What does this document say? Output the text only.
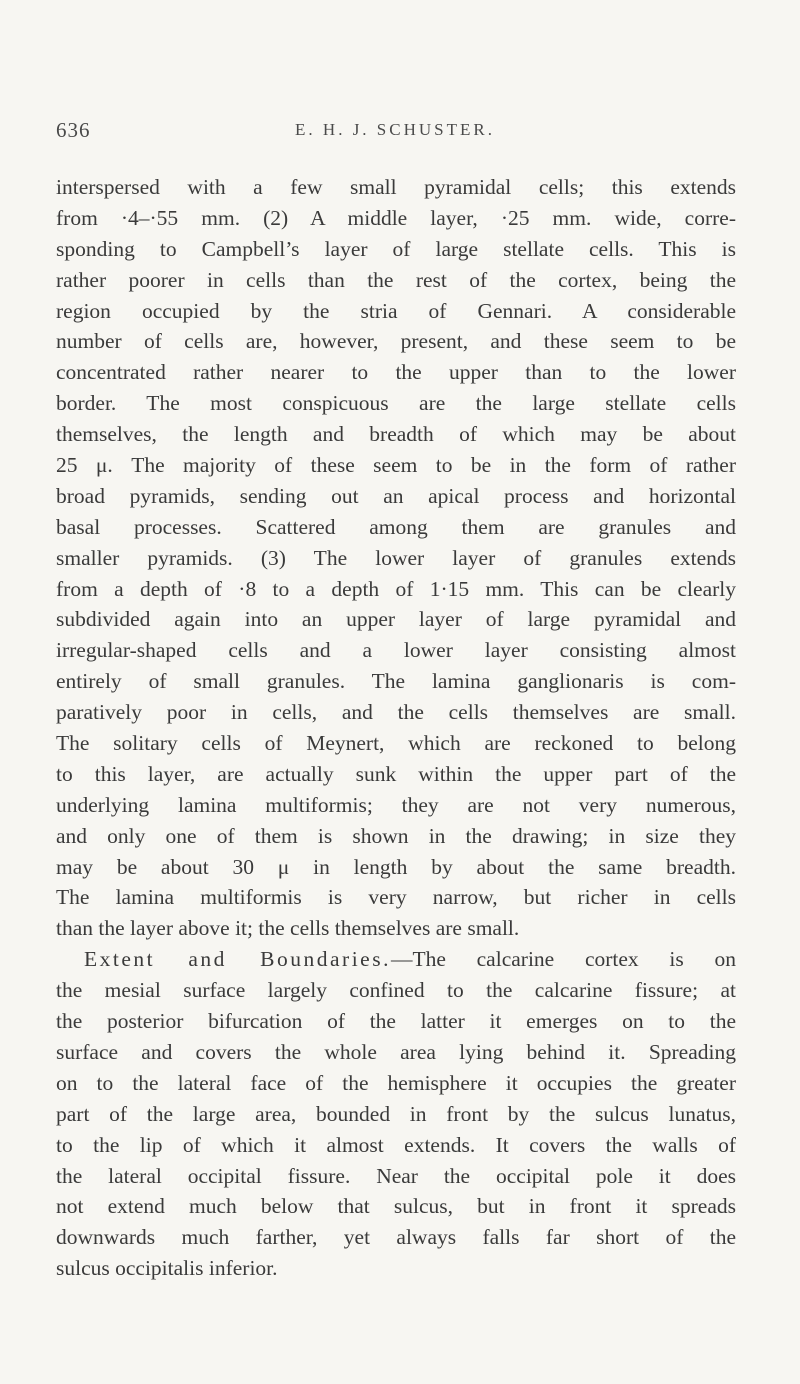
636	E. H. J. SCHUSTER.
interspersed with a few small pyramidal cells; this extends
from ·4–·55 mm. (2) A middle layer, ·25 mm. wide, corre-
sponding to Campbell’s layer of large stellate cells. This is
rather poorer in cells than the rest of the cortex, being the
region occupied by the stria of Gennari. A considerable
number of cells are, however, present, and these seem to be
concentrated rather nearer to the upper than to the lower
border. The most conspicuous are the large stellate cells
themselves, the length and breadth of which may be about
25 μ. The majority of these seem to be in the form of rather
broad pyramids, sending out an apical process and horizontal
basal processes. Scattered among them are granules and
smaller pyramids. (3) The lower layer of granules extends
from a depth of ·8 to a depth of 1·15 mm. This can be clearly
subdivided again into an upper layer of large pyramidal and
irregular-shaped cells and a lower layer consisting almost
entirely of small granules. The lamina ganglionaris is com-
paratively poor in cells, and the cells themselves are small.
The solitary cells of Meynert, which are reckoned to belong
to this layer, are actually sunk within the upper part of the
underlying lamina multiformis; they are not very numerous,
and only one of them is shown in the drawing; in size they
may be about 30 μ in length by about the same breadth.
The lamina multiformis is very narrow, but richer in cells
than the layer above it; the cells themselves are small.
Extent and Boundaries.—The calcarine cortex is on
the mesial surface largely confined to the calcarine fissure; at
the posterior bifurcation of the latter it emerges on to the
surface and covers the whole area lying behind it. Spreading
on to the lateral face of the hemisphere it occupies the greater
part of the large area, bounded in front by the sulcus lunatus,
to the lip of which it almost extends. It covers the walls of
the lateral occipital fissure. Near the occipital pole it does
not extend much below that sulcus, but in front it spreads
downwards much farther, yet always falls far short of the
sulcus occipitalis inferior.
